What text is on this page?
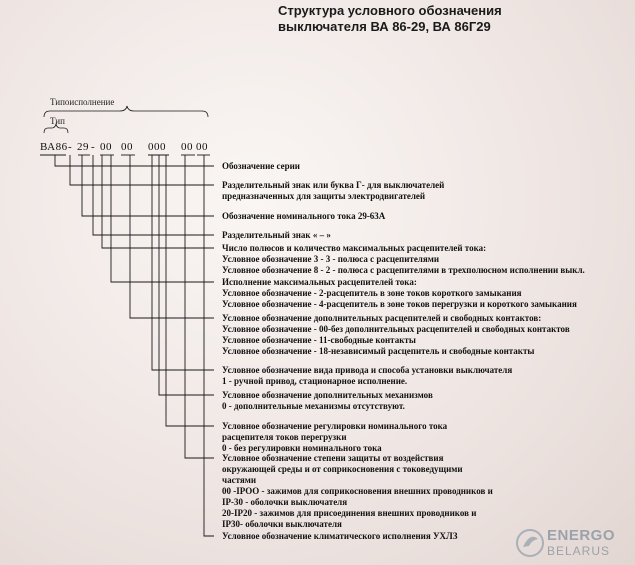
Структура условного обозначения
выключателя ВА 86-29, ВА 86Г29
Типоисполнение
Тип
ВА86 - 29 - 00 00 000 00 00
Обозначение серии
Разделительный знак или буква Г- для выключателей
предназначенных для защиты электродвигателей
Обозначение номинального тока 29-63А
Разделительный знак « – »
Число полюсов и количество максимальных расцепителей тока:
Условное обозначение 3 - 3 - полюса с расцепителями
Условное обозначение 8 - 2 - полюса с расцепителями в трехполюсном исполнении выкл.
Исполнение максимальных расцепителей тока:
Условное обозначение - 2-расцепитель в зоне токов короткого замыкания
Условное обозначение - 4-расцепитель в зоне токов перегрузки и короткого замыкания
Условное обозначение дополнительных расцепителей и свободных контактов:
Условное обозначение - 00-без дополнительных расцепителей и свободных контактов
Условное обозначение - 11-свободные контакты
Условное обозначение - 18-независимый расцепитель и свободные контакты
Условное обозначение вида привода и способа установки выключателя
1 - ручной привод, стационарное исполнение.
Условное обозначение дополнительных механизмов
0 - дополнительные механизмы отсутствуют.
Условное обозначение регулировки номинального тока
расцепителя токов перегрузки
0 - без регулировки номинального тока
Условное обозначение степени защиты от воздействия
окружающей среды и от соприкосновения с токоведущими
частями
00 -IPOO - зажимов для соприкосновения внешних проводников и
IP-30 - оболочки выключателя
20-IP20 - зажимов для присоединения внешних проводников и
IP30- оболочки выключателя
Условное обозначение климатического исполнения УХЛЗ	ENERGO
BELARUS
